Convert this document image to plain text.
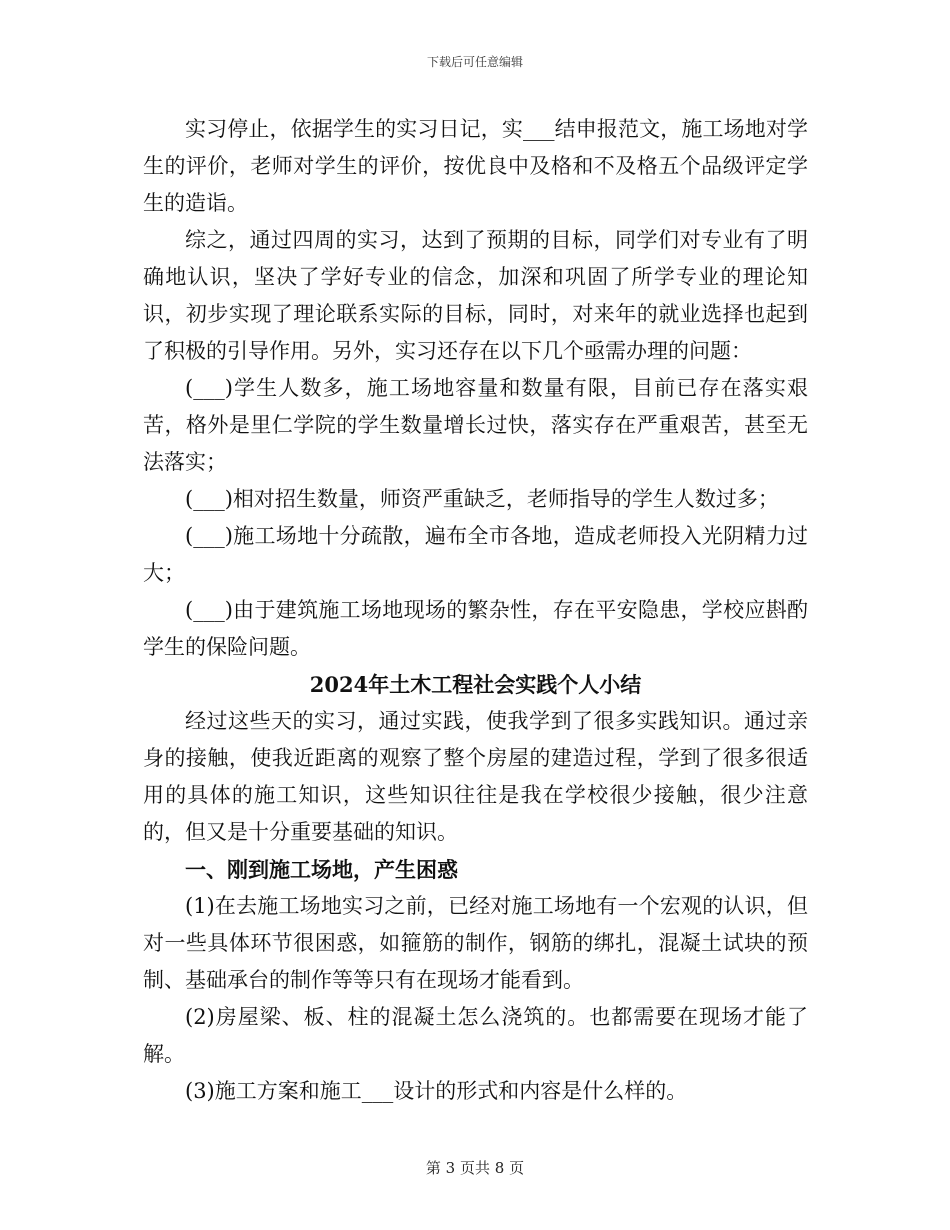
下载后可任意编辑

实习停止，依据学生的实习日记，实___结申报范文，施工场地对学生的评价，老师对学生的评价，按优良中及格和不及格五个品级评定学生的造诣。

综之，通过四周的实习，达到了预期的目标，同学们对专业有了明确地认识，坚决了学好专业的信念，加深和巩固了所学专业的理论知识，初步实现了理论联系实际的目标，同时，对来年的就业选择也起到了积极的引导作用。另外，实习还存在以下几个亟需办理的问题：

(___)学生人数多，施工场地容量和数量有限，目前已存在落实艰苦，格外是里仁学院的学生数量增长过快，落实存在严重艰苦，甚至无法落实；

(___)相对招生数量，师资严重缺乏，老师指导的学生人数过多；

(___)施工场地十分疏散，遍布全市各地，造成老师投入光阴精力过大；

(___)由于建筑施工场地现场的繁杂性，存在平安隐患，学校应斟酌学生的保险问题。

2024年土木工程社会实践个人小结

经过这些天的实习，通过实践，使我学到了很多实践知识。通过亲身的接触，使我近距离的观察了整个房屋的建造过程，学到了很多很适用的具体的施工知识，这些知识往往是我在学校很少接触，很少注意的，但又是十分重要基础的知识。

一、刚到施工场地，产生困惑

(1)在去施工场地实习之前，已经对施工场地有一个宏观的认识，但对一些具体环节很困惑，如箍筋的制作，钢筋的绑扎，混凝土试块的预制、基础承台的制作等等只有在现场才能看到。

(2)房屋梁、板、柱的混凝土怎么浇筑的。也都需要在现场才能了解。

(3)施工方案和施工___设计的形式和内容是什么样的。

第 3 页共 8 页
